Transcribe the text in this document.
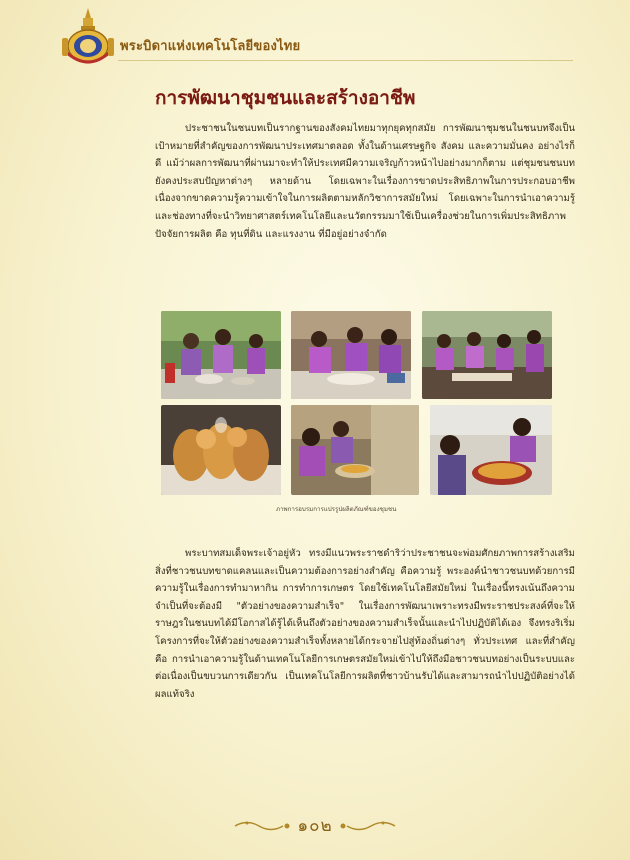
พระบิดาแห่งเทคโนโลยีของไทย
การพัฒนาชุมชนและสร้างอาชีพ

ประชาชนในชนบทเป็นรากฐานของสังคมไทยมาทุกยุคทุกสมัย การพัฒนาชุมชนในชนบทจึงเป็นเป้าหมายที่สำคัญของการพัฒนาประเทศมาตลอด ทั้งในด้านเศรษฐกิจ สังคม และความมั่นคง อย่างไรก็ดี แม้ว่าผลการพัฒนาที่ผ่านมาจะทำให้ประเทศมีความเจริญก้าวหน้าไปอย่างมากก็ตาม แต่ชุมชนชนบทยังคงประสบปัญหาต่างๆ หลายด้าน โดยเฉพาะในเรื่องการขาดประสิทธิภาพในการประกอบอาชีพ เนื่องจากขาดความรู้ความเข้าใจในการผลิตตามหลักวิชาการสมัยใหม่ โดยเฉพาะในการนำเอาความรู้และช่องทางที่จะนำวิทยาศาสตร์เทคโนโลยีและนวัตกรรมมาใช้เป็นเครื่องช่วยในการเพิ่มประสิทธิภาพปัจจัยการผลิต คือ ทุนที่ดิน และแรงงาน ที่มีอยู่อย่างจำกัด

ภาพการอบรมการแปรรูปผลิตภัณฑ์ของชุมชน

พระบาทสมเด็จพระเจ้าอยู่หัว ทรงมีแนวพระราชดำริว่าประชาชนจะพ่อมศักยภาพการสร้างเสริมสิ่งที่ชาวชนบทขาดแคลนและเป็นความต้องการอย่างสำคัญ คือความรู้ พระองค์นำชาวชนบทด้วยการมีความรู้ในเรื่องการทำมาหากิน การทำการเกษตร โดยใช้เทคโนโลยีสมัยใหม่ ในเรื่องนี้ทรงเน้นถึงความจำเป็นที่จะต้องมี "ตัวอย่างของความสำเร็จ" ในเรื่องการพัฒนาเพราะทรงมีพระราชประสงค์ที่จะให้ราษฎรในชนบทได้มีโอกาสได้รู้ได้เห็นถึงตัวอย่างของความสำเร็จนั้นและนำไปปฏิบัติได้เอง จึงทรงริเริ่มโครงการที่จะให้ตัวอย่างของความสำเร็จทั้งหลายได้กระจายไปสู่ท้องถิ่นต่างๆ ทั่วประเทศ และที่สำคัญคือ การนำเอาความรู้ในด้านเทคโนโลยีการเกษตรสมัยใหม่เข้าไปให้ถึงมือชาวชนบทอย่างเป็นระบบและต่อเนื่องเป็นขบวนการเดียวกัน เป็นเทคโนโลยีการผลิตที่ชาวบ้านรับได้และสามารถนำไปปฏิบัติอย่างได้ผลแท้จริง

๑๐๒
